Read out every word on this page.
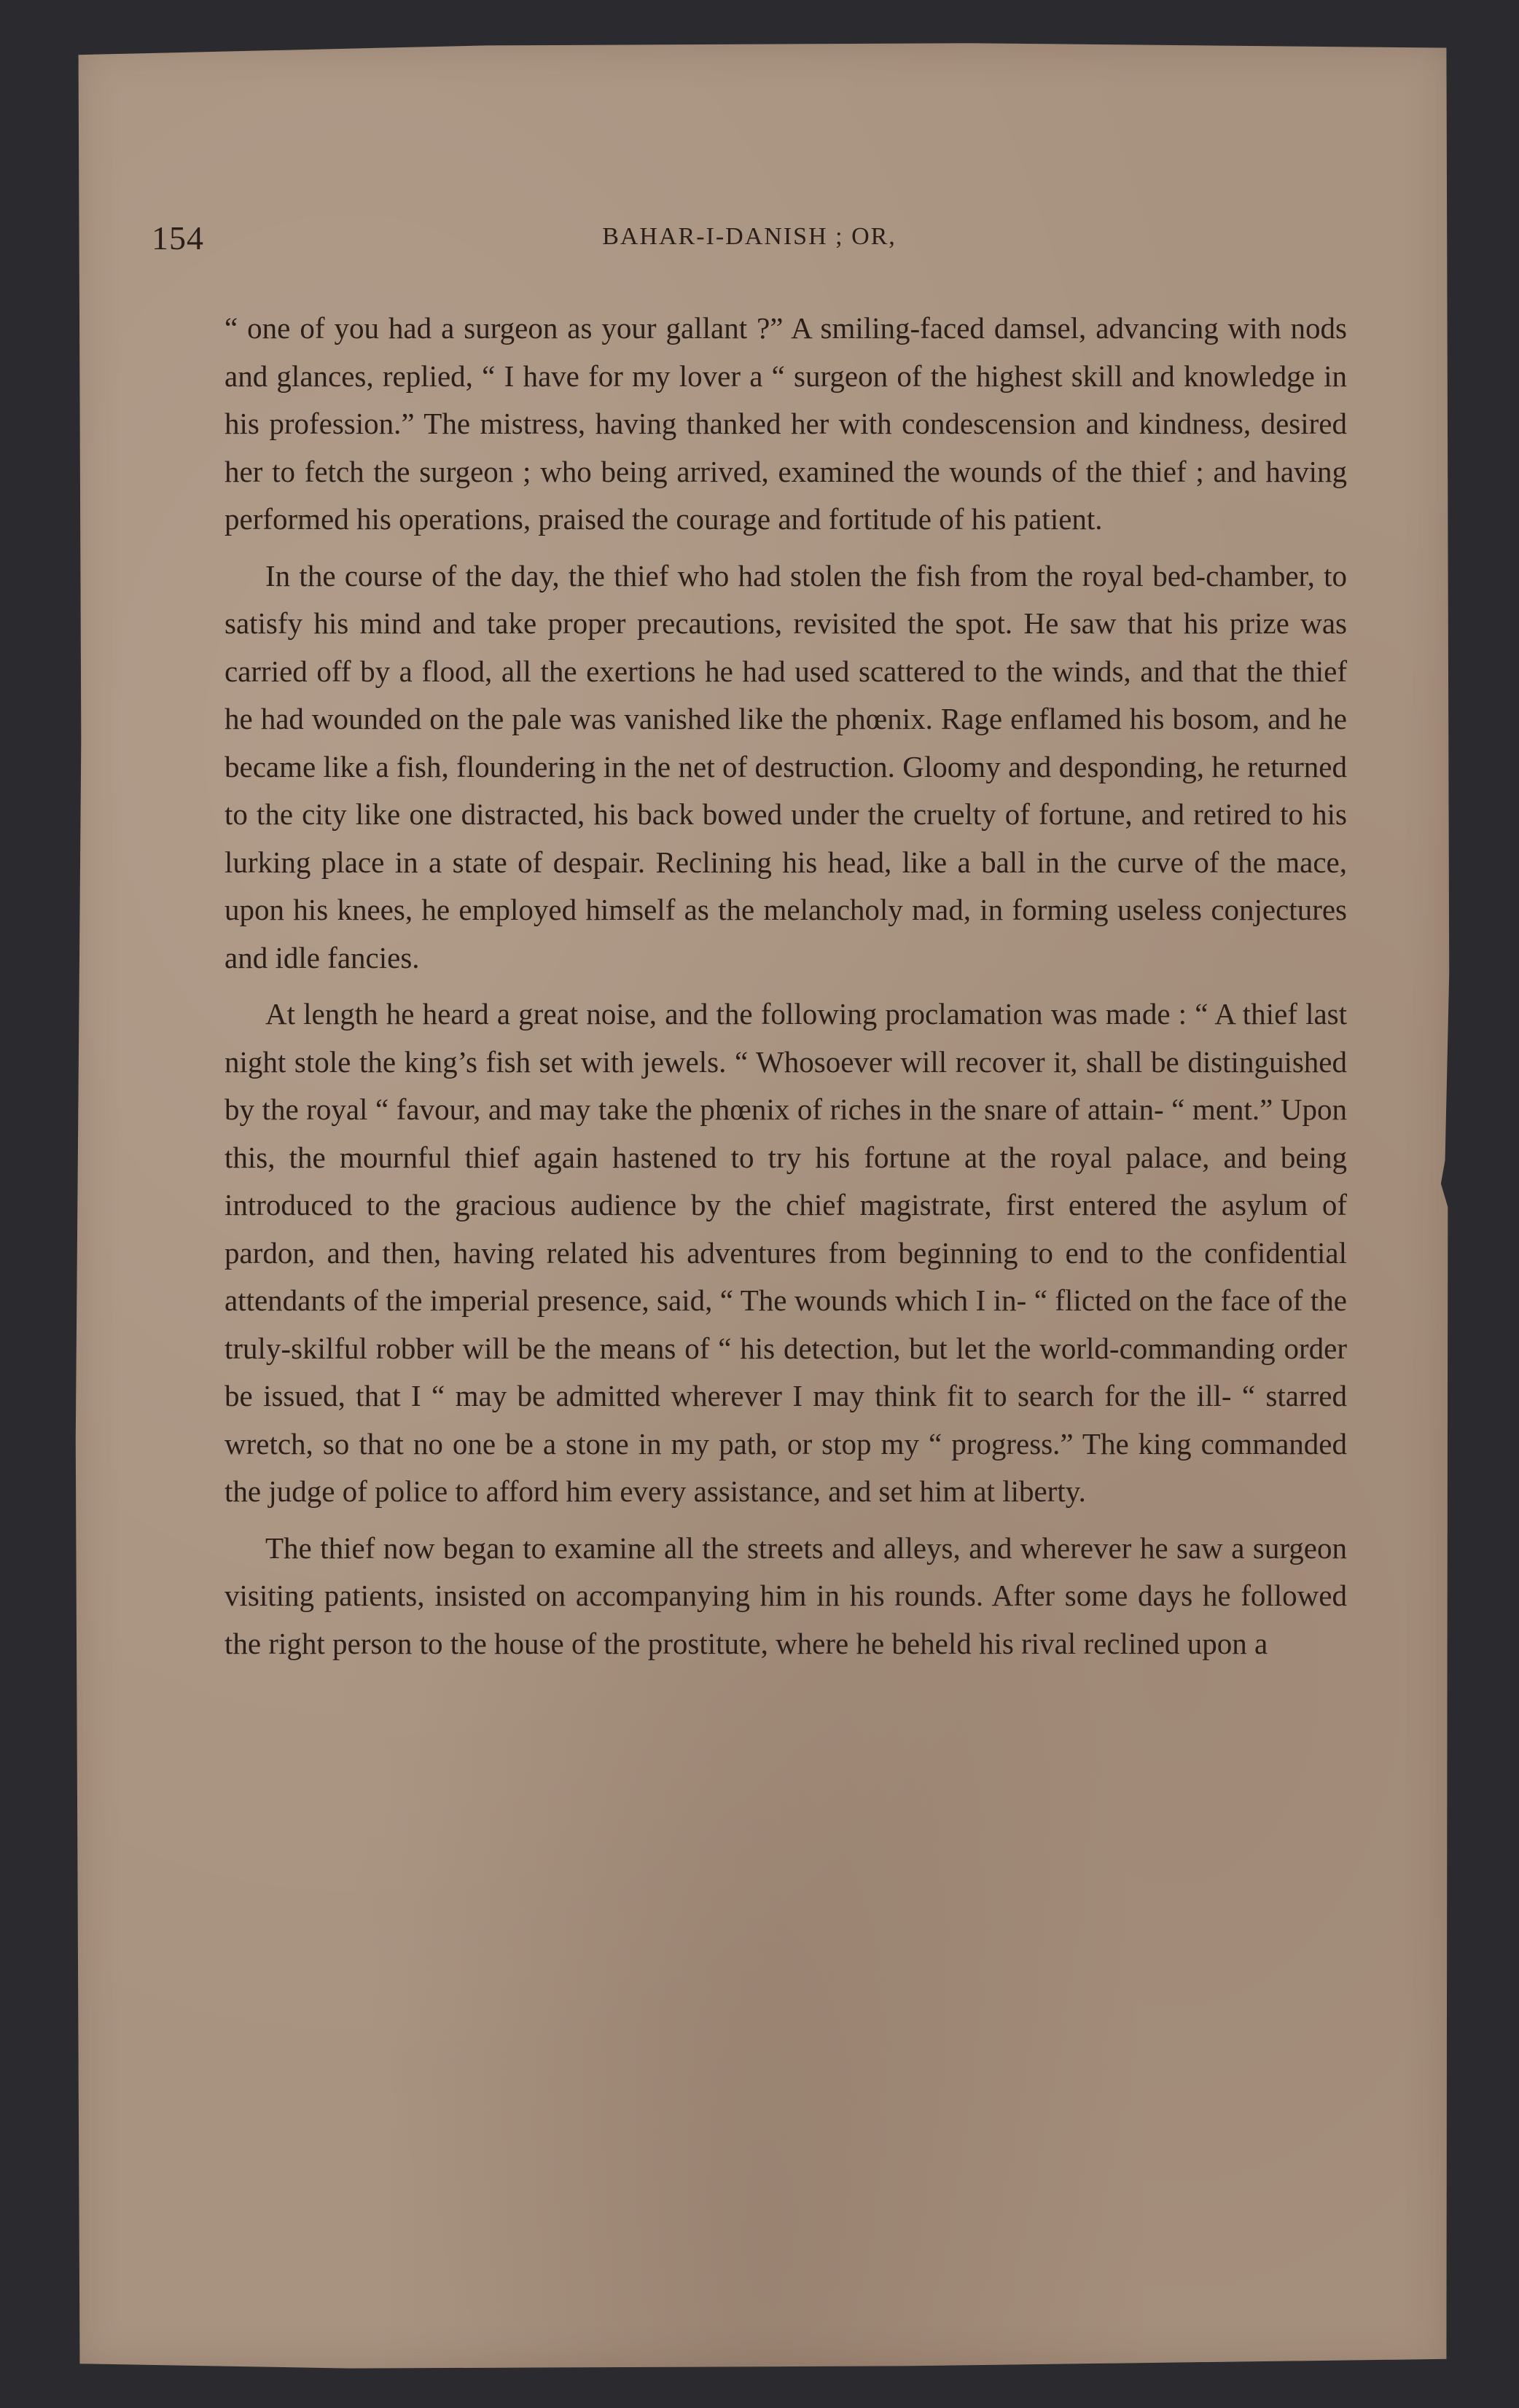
154	BAHAR-I-DANISH ; OR,

“ one of you had a surgeon as your gallant ?” A smiling-faced damsel, advancing with nods and glances, replied, “ I have for my lover a “ surgeon of the highest skill and knowledge in his profession.” The mistress, having thanked her with condescension and kindness, desired her to fetch the surgeon ; who being arrived, examined the wounds of the thief ; and having performed his operations, praised the courage and fortitude of his patient.

In the course of the day, the thief who had stolen the fish from the royal bed-chamber, to satisfy his mind and take proper precautions, revisited the spot. He saw that his prize was carried off by a flood, all the exertions he had used scattered to the winds, and that the thief he had wounded on the pale was vanished like the phœnix. Rage enflamed his bosom, and he became like a fish, floundering in the net of destruction. Gloomy and desponding, he returned to the city like one distracted, his back bowed under the cruelty of fortune, and retired to his lurking place in a state of despair. Reclining his head, like a ball in the curve of the mace, upon his knees, he employed himself as the melancholy mad, in forming useless conjectures and idle fancies.

At length he heard a great noise, and the following proclamation was made : “ A thief last night stole the king’s fish set with jewels. “ Whosoever will recover it, shall be distinguished by the royal “ favour, and may take the phœnix of riches in the snare of attain- “ ment.” Upon this, the mournful thief again hastened to try his fortune at the royal palace, and being introduced to the gracious audience by the chief magistrate, first entered the asylum of pardon, and then, having related his adventures from beginning to end to the confidential attendants of the imperial presence, said, “ The wounds which I in- “ flicted on the face of the truly-skilful robber will be the means of “ his detection, but let the world-commanding order be issued, that I “ may be admitted wherever I may think fit to search for the ill- “ starred wretch, so that no one be a stone in my path, or stop my “ progress.” The king commanded the judge of police to afford him every assistance, and set him at liberty.

The thief now began to examine all the streets and alleys, and wherever he saw a surgeon visiting patients, insisted on accompanying him in his rounds. After some days he followed the right person to the house of the prostitute, where he beheld his rival reclined upon a
